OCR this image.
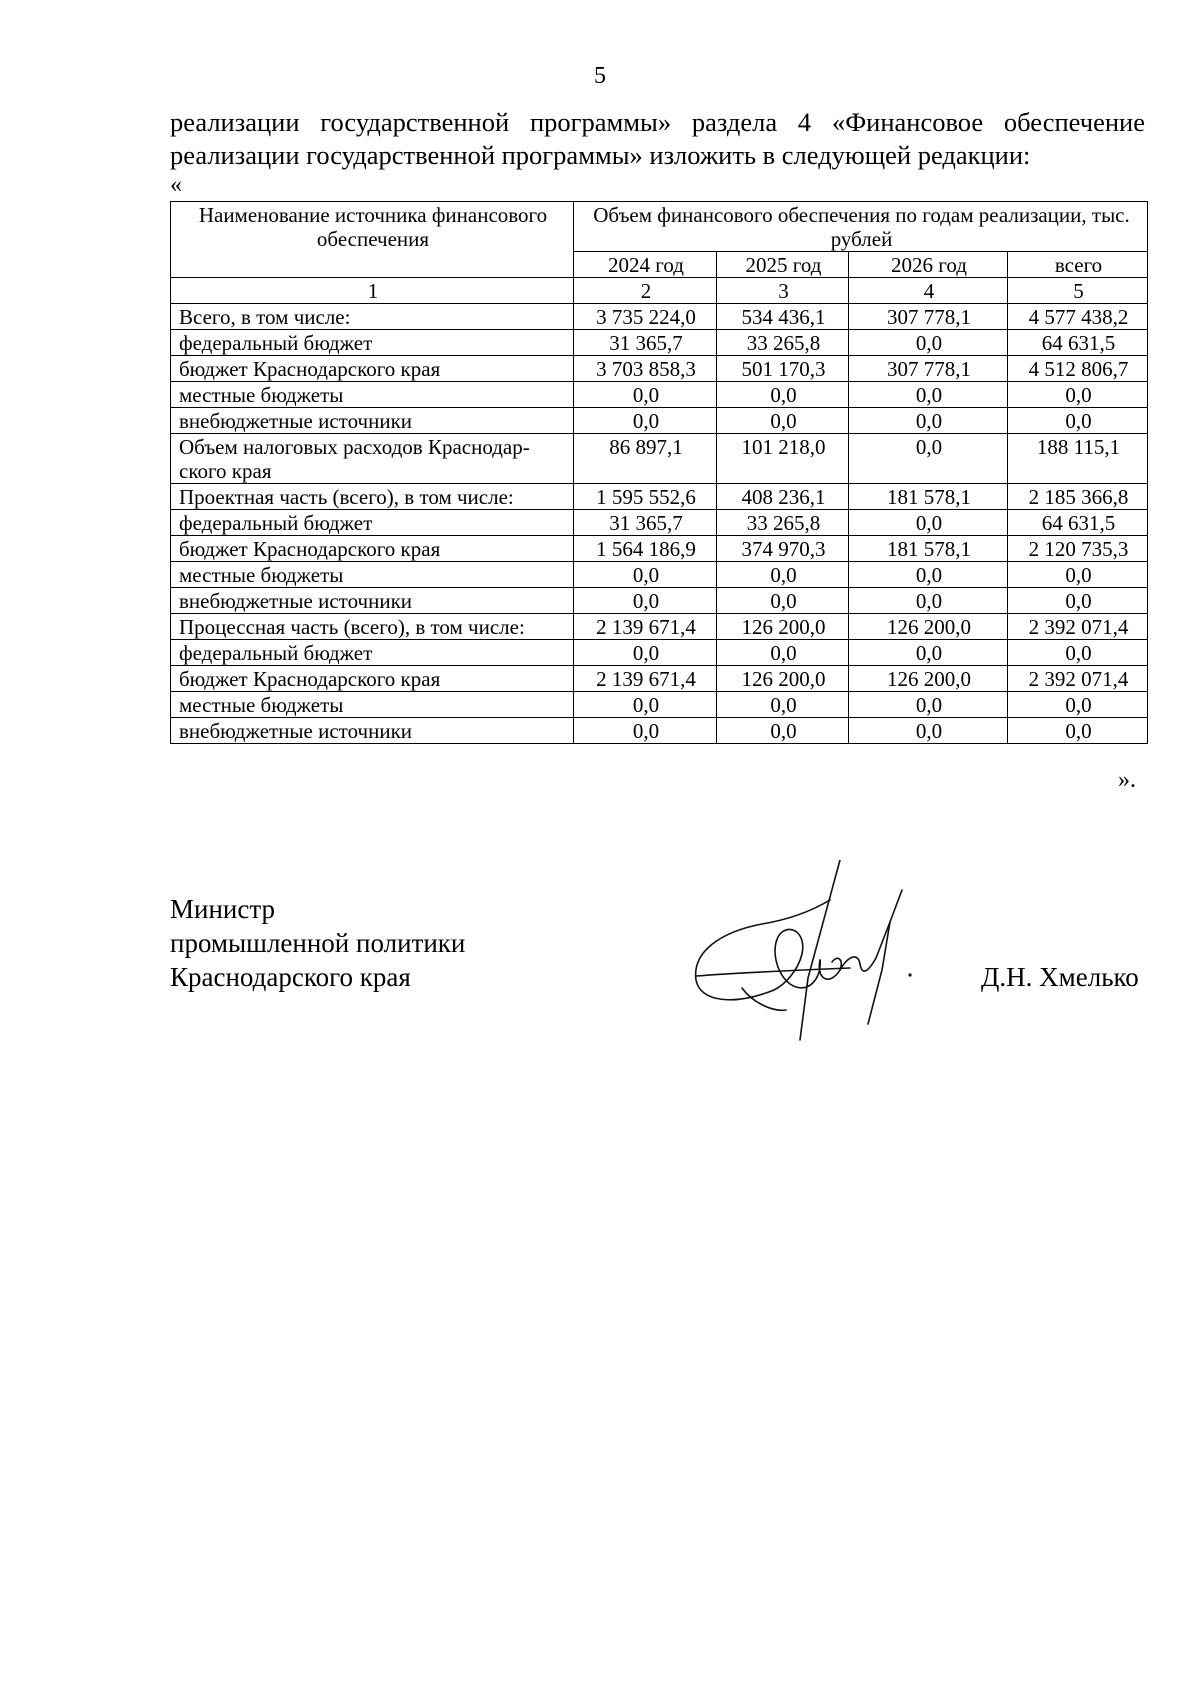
5
реализации государственной программы» раздела 4 «Финансовое обеспечение реализации государственной программы» изложить в следующей редакции:
«
Наименование источника финансового обеспечения	Объем финансового обеспечения по годам реализации, тыс. рублей			
	2024 год	2025 год	2026 год	всего
1	2	3	4	5
Всего, в том числе:	3 735 224,0	534 436,1	307 778,1	4 577 438,2
федеральный бюджет	31 365,7	33 265,8	0,0	64 631,5
бюджет Краснодарского края	3 703 858,3	501 170,3	307 778,1	4 512 806,7
местные бюджеты	0,0	0,0	0,0	0,0
внебюджетные источники	0,0	0,0	0,0	0,0
Объем налоговых расходов Краснодар-ского края	86 897,1	101 218,0	0,0	188 115,1
Проектная часть (всего), в том числе:	1 595 552,6	408 236,1	181 578,1	2 185 366,8
федеральный бюджет	31 365,7	33 265,8	0,0	64 631,5
бюджет Краснодарского края	1 564 186,9	374 970,3	181 578,1	2 120 735,3
местные бюджеты	0,0	0,0	0,0	0,0
внебюджетные источники	0,0	0,0	0,0	0,0
Процессная часть (всего), в том числе:	2 139 671,4	126 200,0	126 200,0	2 392 071,4
федеральный бюджет	0,0	0,0	0,0	0,0
бюджет Краснодарского края	2 139 671,4	126 200,0	126 200,0	2 392 071,4
местные бюджеты	0,0	0,0	0,0	0,0
внебюджетные источники	0,0	0,0	0,0	0,0
».
Министр
промышленной политики
Краснодарского края	Д.Н. Хмелько
